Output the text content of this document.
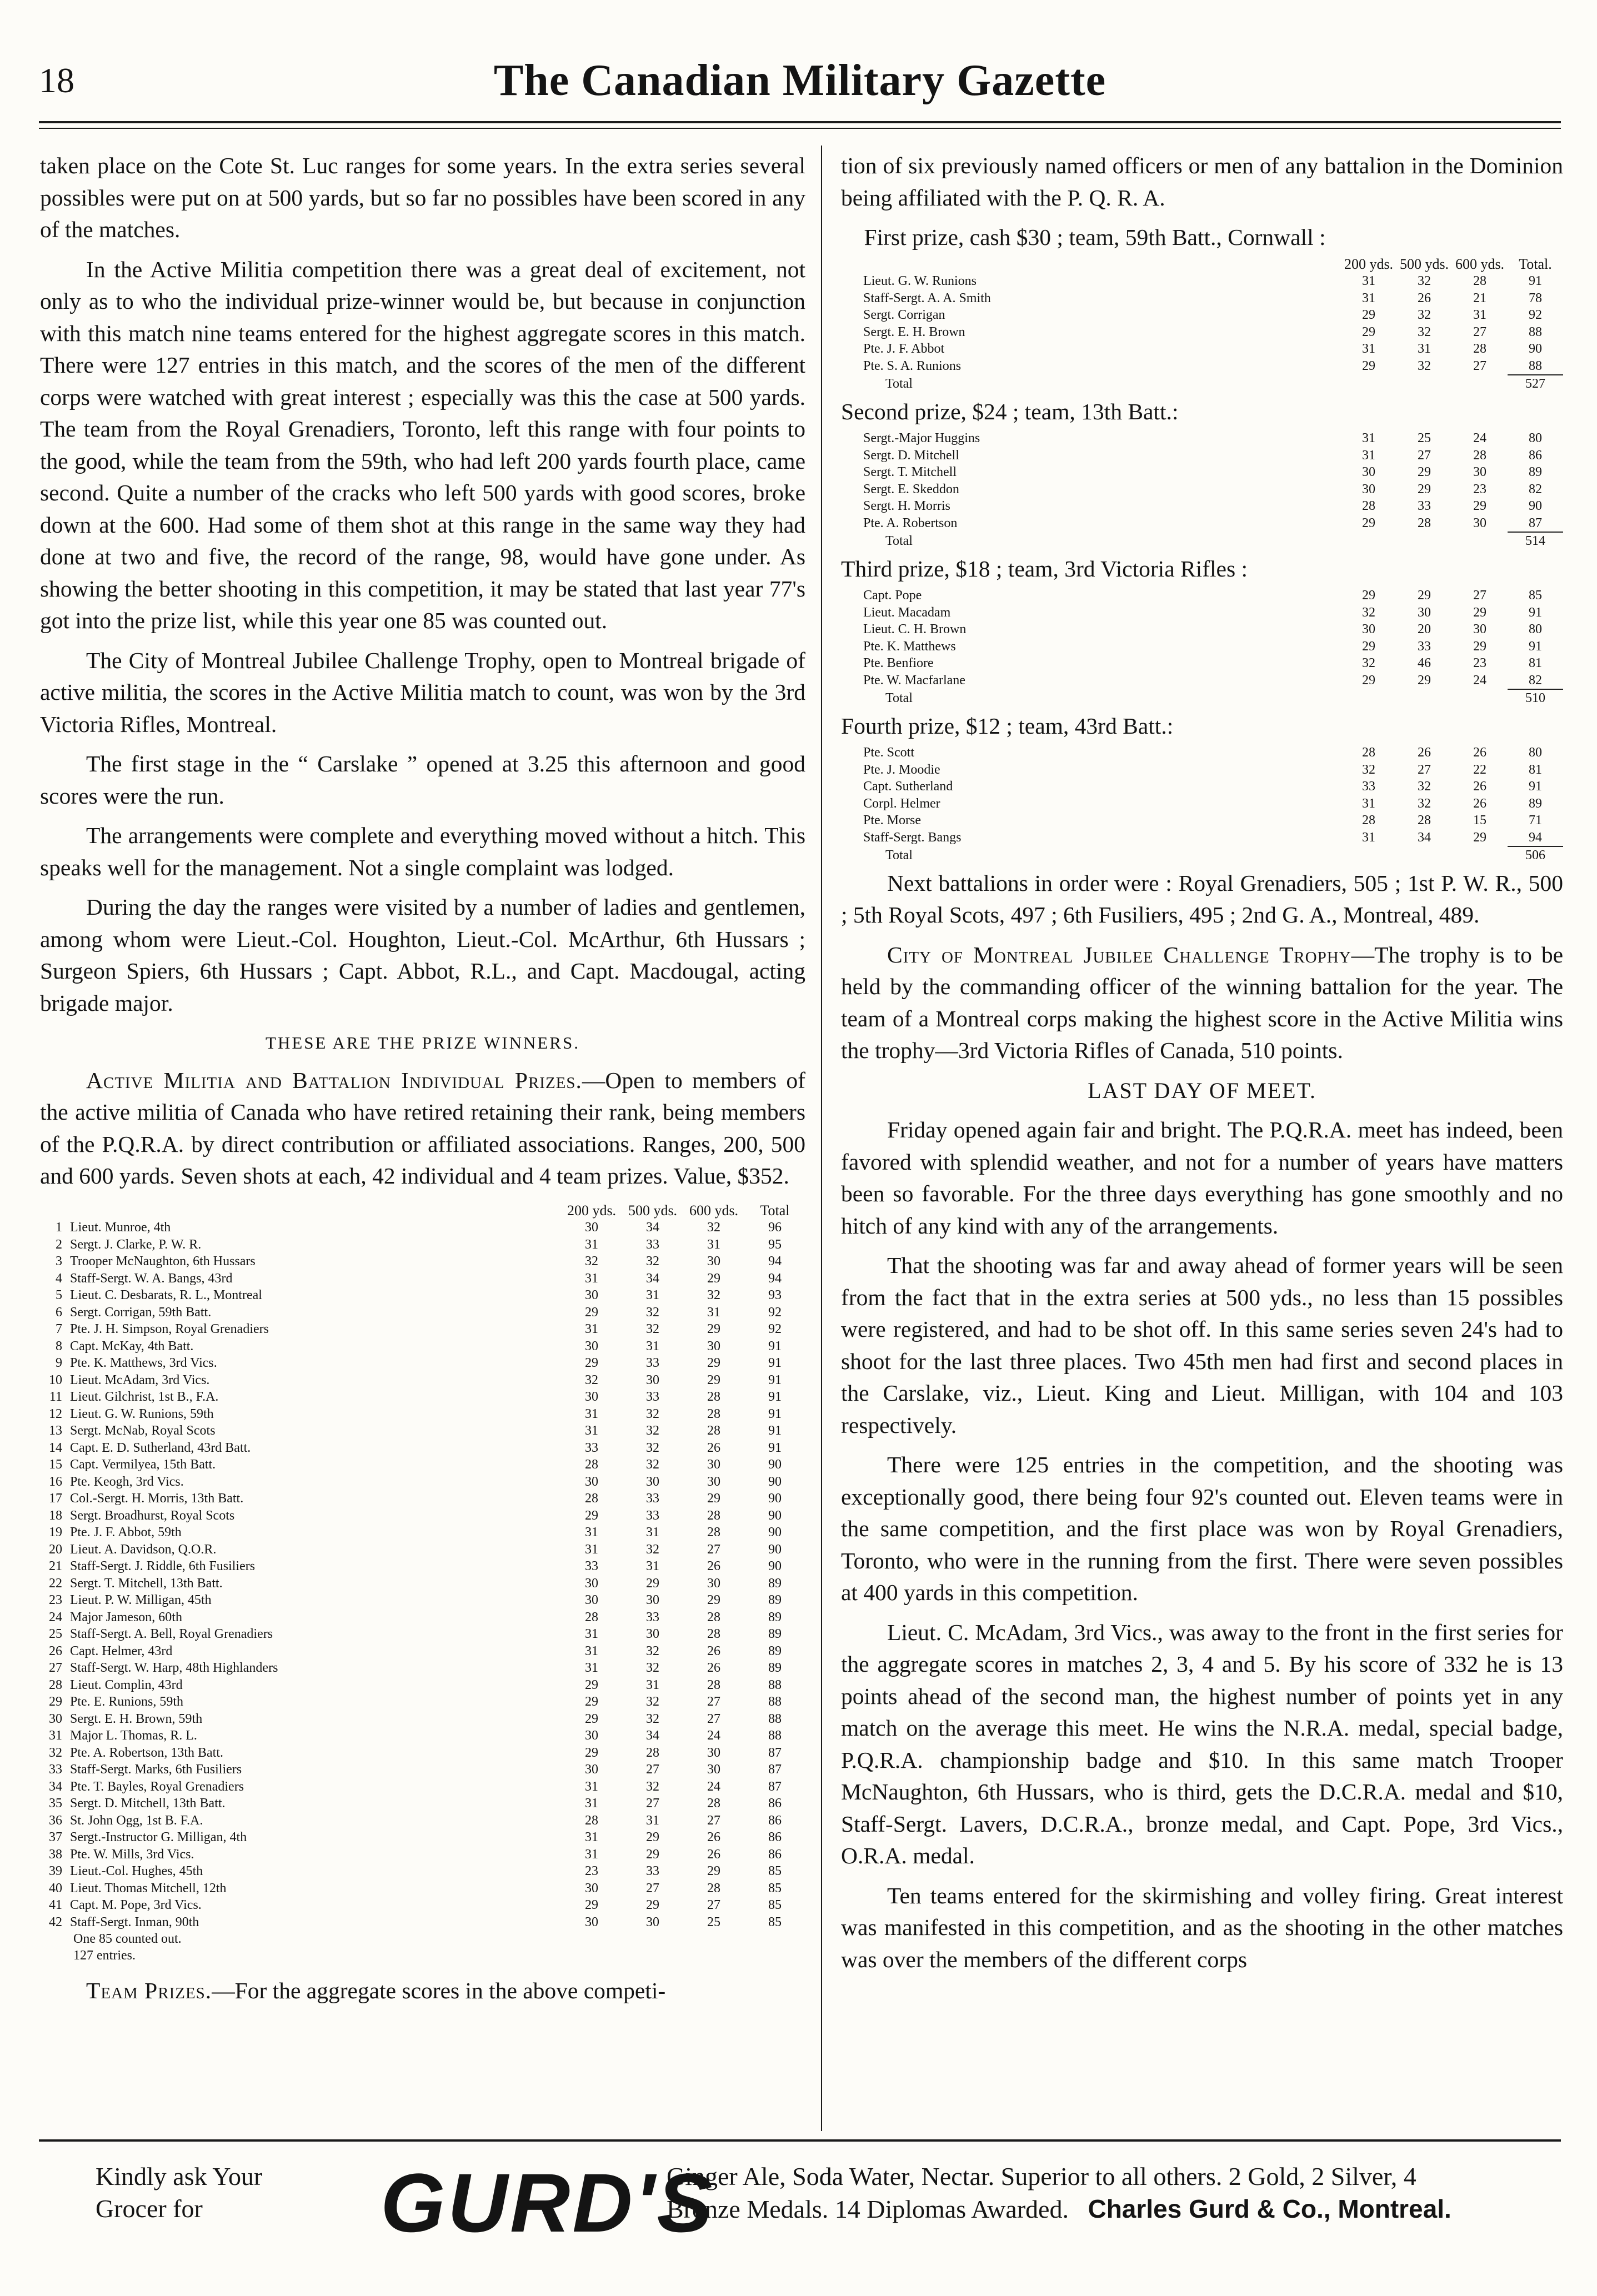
18	The Canadian Military Gazette

taken place on the Cote St. Luc ranges for some years. In the extra series several possibles were put on at 500 yards, but so far no possibles have been scored in any of the matches.

In the Active Militia competition there was a great deal of excitement, not only as to who the individual prize-winner would be, but because in conjunction with this match nine teams entered for the highest aggregate scores in this match. There were 127 entries in this match, and the scores of the men of the different corps were watched with great interest ; especially was this the case at 500 yards. The team from the Royal Grenadiers, Toronto, left this range with four points to the good, while the team from the 59th, who had left 200 yards fourth place, came second. Quite a number of the cracks who left 500 yards with good scores, broke down at the 600. Had some of them shot at this range in the same way they had done at two and five, the record of the range, 98, would have gone under. As showing the better shooting in this competition, it may be stated that last year 77's got into the prize list, while this year one 85 was counted out.

The City of Montreal Jubilee Challenge Trophy, open to Montreal brigade of active militia, the scores in the Active Militia match to count, was won by the 3rd Victoria Rifles, Montreal.

The first stage in the “ Carslake ” opened at 3.25 this afternoon and good scores were the run.

The arrangements were complete and everything moved without a hitch. This speaks well for the management. Not a single complaint was lodged.

During the day the ranges were visited by a number of ladies and gentlemen, among whom were Lieut.-Col. Houghton, Lieut.-Col. McArthur, 6th Hussars ; Surgeon Spiers, 6th Hussars ; Capt. Abbot, R.L., and Capt. Macdougal, acting brigade major.

THESE ARE THE PRIZE WINNERS.

Active Militia and Battalion Individual Prizes.—Open to members of the active militia of Canada who have retired retaining their rank, being members of the P.Q.R.A. by direct contribution or affiliated associations. Ranges, 200, 500 and 600 yards. Seven shots at each, 42 individual and 4 team prizes. Value, $352.

		200 yds.	500 yds.	600 yds.	Total
1	Lieut. Munroe, 4th	30	34	32	96
2	Sergt. J. Clarke, P. W. R.	31	33	31	95
3	Trooper McNaughton, 6th Hussars	32	32	30	94
4	Staff-Sergt. W. A. Bangs, 43rd	31	34	29	94
5	Lieut. C. Desbarats, R. L., Montreal	30	31	32	93
6	Sergt. Corrigan, 59th Batt.	29	32	31	92
7	Pte. J. H. Simpson, Royal Grenadiers	31	32	29	92
8	Capt. McKay, 4th Batt.	30	31	30	91
9	Pte. K. Matthews, 3rd Vics.	29	33	29	91
10	Lieut. McAdam, 3rd Vics.	32	30	29	91
11	Lieut. Gilchrist, 1st B., F.A.	30	33	28	91
12	Lieut. G. W. Runions, 59th	31	32	28	91
13	Sergt. McNab, Royal Scots	31	32	28	91
14	Capt. E. D. Sutherland, 43rd Batt.	33	32	26	91
15	Capt. Vermilyea, 15th Batt.	28	32	30	90
16	Pte. Keogh, 3rd Vics.	30	30	30	90
17	Col.-Sergt. H. Morris, 13th Batt.	28	33	29	90
18	Sergt. Broadhurst, Royal Scots	29	33	28	90
19	Pte. J. F. Abbot, 59th	31	31	28	90
20	Lieut. A. Davidson, Q.O.R.	31	32	27	90
21	Staff-Sergt. J. Riddle, 6th Fusiliers	33	31	26	90
22	Sergt. T. Mitchell, 13th Batt.	30	29	30	89
23	Lieut. P. W. Milligan, 45th	30	30	29	89
24	Major Jameson, 60th	28	33	28	89
25	Staff-Sergt. A. Bell, Royal Grenadiers	31	30	28	89
26	Capt. Helmer, 43rd	31	32	26	89
27	Staff-Sergt. W. Harp, 48th Highlanders	31	32	26	89
28	Lieut. Complin, 43rd	29	31	28	88
29	Pte. E. Runions, 59th	29	32	27	88
30	Sergt. E. H. Brown, 59th	29	32	27	88
31	Major L. Thomas, R. L.	30	34	24	88
32	Pte. A. Robertson, 13th Batt.	29	28	30	87
33	Staff-Sergt. Marks, 6th Fusiliers	30	27	30	87
34	Pte. T. Bayles, Royal Grenadiers	31	32	24	87
35	Sergt. D. Mitchell, 13th Batt.	31	27	28	86
36	St. John Ogg, 1st B. F.A.	28	31	27	86
37	Sergt.-Instructor G. Milligan, 4th	31	29	26	86
38	Pte. W. Mills, 3rd Vics.	31	29	26	86
39	Lieut.-Col. Hughes, 45th	23	33	29	85
40	Lieut. Thomas Mitchell, 12th	30	27	28	85
41	Capt. M. Pope, 3rd Vics.	29	29	27	85
42	Staff-Sergt. Inman, 90th	30	30	25	85
One 85 counted out.
127 entries.

Team Prizes.—For the aggregate scores in the above competi-

tion of six previously named officers or men of any battalion in the Dominion being affiliated with the P. Q. R. A.

First prize, cash $30 ; team, 59th Batt., Cornwall :
	200 yds.	500 yds.	600 yds.	Total.
Lieut. G. W. Runions	31	32	28	91
Staff-Sergt. A. A. Smith	31	26	21	78
Sergt. Corrigan	29	32	31	92
Sergt. E. H. Brown	29	32	27	88
Pte. J. F. Abbot	31	31	28	90
Pte. S. A. Runions	29	32	27	88
Total				527
Second prize, $24 ; team, 13th Batt.:
Sergt.-Major Huggins	31	25	24	80
Sergt. D. Mitchell	31	27	28	86
Sergt. T. Mitchell	30	29	30	89
Sergt. E. Skeddon	30	29	23	82
Sergt. H. Morris	28	33	29	90
Pte. A. Robertson	29	28	30	87
Total				514
Third prize, $18 ; team, 3rd Victoria Rifles :
Capt. Pope	29	29	27	85
Lieut. Macadam	32	30	29	91
Lieut. C. H. Brown	30	20	30	80
Pte. K. Matthews	29	33	29	91
Pte. Benfiore	32	46	23	81
Pte. W. Macfarlane	29	29	24	82
Total				510
Fourth prize, $12 ; team, 43rd Batt.:
Pte. Scott	28	26	26	80
Pte. J. Moodie	32	27	22	81
Capt. Sutherland	33	32	26	91
Corpl. Helmer	31	32	26	89
Pte. Morse	28	28	15	71
Staff-Sergt. Bangs	31	34	29	94
Total				506

Next battalions in order were : Royal Grenadiers, 505 ; 1st P. W. R., 500 ; 5th Royal Scots, 497 ; 6th Fusiliers, 495 ; 2nd G. A., Montreal, 489.

City of Montreal Jubilee Challenge Trophy—The trophy is to be held by the commanding officer of the winning battalion for the year. The team of a Montreal corps making the highest score in the Active Militia wins the trophy—3rd Victoria Rifles of Canada, 510 points.

LAST DAY OF MEET.

Friday opened again fair and bright. The P.Q.R.A. meet has indeed, been favored with splendid weather, and not for a number of years have matters been so favorable. For the three days everything has gone smoothly and no hitch of any kind with any of the arrangements.

That the shooting was far and away ahead of former years will be seen from the fact that in the extra series at 500 yds., no less than 15 possibles were registered, and had to be shot off. In this same series seven 24's had to shoot for the last three places. Two 45th men had first and second places in the Carslake, viz., Lieut. King and Lieut. Milligan, with 104 and 103 respectively.

There were 125 entries in the competition, and the shooting was exceptionally good, there being four 92's counted out. Eleven teams were in the same competition, and the first place was won by Royal Grenadiers, Toronto, who were in the running from the first. There were seven possibles at 400 yards in this competition.

Lieut. C. McAdam, 3rd Vics., was away to the front in the first series for the aggregate scores in matches 2, 3, 4 and 5. By his score of 332 he is 13 points ahead of the second man, the highest number of points yet in any match on the average this meet. He wins the N.R.A. medal, special badge, P.Q.R.A. championship badge and $10. In this same match Trooper McNaughton, 6th Hussars, who is third, gets the D.C.R.A. medal and $10, Staff-Sergt. Lavers, D.C.R.A., bronze medal, and Capt. Pope, 3rd Vics., O.R.A. medal.

Ten teams entered for the skirmishing and volley firing. Great interest was manifested in this competition, and as the shooting in the other matches was over the members of the different corps

Kindly ask Your
Grocer for	GURD'S
Ginger Ale, Soda Water, Nectar. Superior to all others. 2 Gold, 2 Silver, 4
Bronze Medals. 14 Diplomas Awarded. Charles Gurd & Co., Montreal.
